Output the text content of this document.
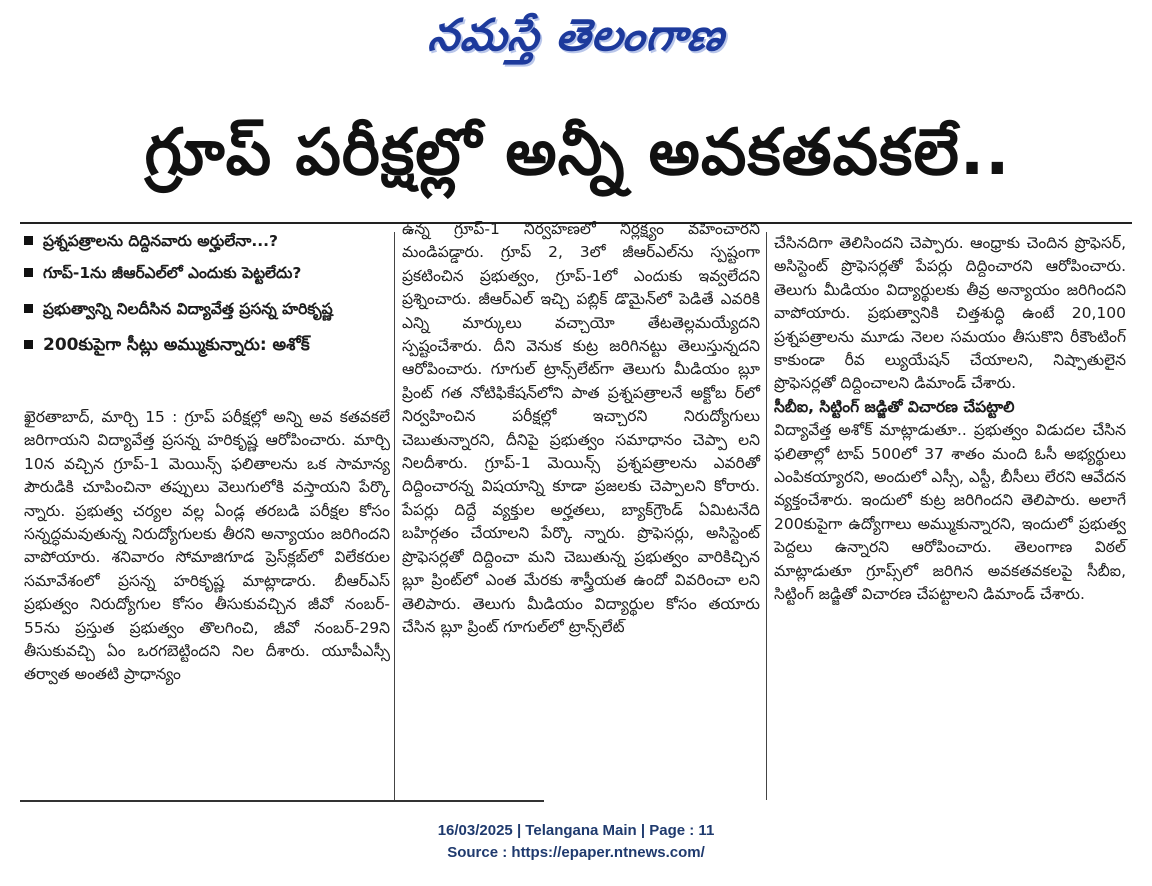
నమస్తే తెలంగాణ
గ్రూప్ పరీక్షల్లో అన్నీ అవకతవకలే..
ప్రశ్నపత్రాలను దిద్దినవారు అర్హులేనా...?
గూప్-1ను జీఆర్ఎల్‌లో ఎందుకు పెట్టలేదు?
ప్రభుత్వాన్ని నిలదీసిన విద్యావేత్త ప్రసన్న హరికృష్ణ
200కుపైగా సీట్లు అమ్ముకున్నారు: అశోక్

ఖైరతాబాద్, మార్చి 15 : గ్రూప్ పరీక్షల్లో అన్ని అవ కతవకలే జరిగాయని విద్యావేత్త ప్రసన్న హరికృష్ణ ఆరోపించారు. మార్చి 10న వచ్చిన గ్రూప్-1 మెయిన్స్ ఫలితాలను ఒక సామాన్య పౌరుడికి చూపించినా తప్పులు వెలుగులోకి వస్తాయని పేర్కొ న్నారు. ప్రభుత్వ చర్యల వల్ల ఏండ్ల తరబడి పరీక్షల కోసం సన్నద్ధమవుతున్న నిరుద్యోగులకు తీరని అన్యాయం జరిగిందని వాపోయారు. శనివారం సోమాజిగూడ ప్రెస్‌క్లబ్‌లో విలేకరుల సమావేశంలో ప్రసన్న హరికృష్ణ మాట్లాడారు. బీఆర్ఎస్ ప్రభుత్వం నిరుద్యోగుల కోసం తీసుకువచ్చిన జీవో నంబర్- 55ను ప్రస్తుత ప్రభుత్వం తొలగించి, జీవో నంబర్-29ని తీసుకువచ్చి ఏం ఒరగబెట్టిందని నిల దీశారు. యూపీఎస్సీ తర్వాత అంతటి ప్రాధాన్యం

ఉన్న గ్రూప్-1 నిర్వహణలో నిర్లక్ష్యం వహించారని మండిపడ్డారు. గ్రూప్ 2, 3లో జీఆర్ఎల్‌ను స్పష్టంగా ప్రకటించిన ప్రభుత్వం, గ్రూప్-1లో ఎందుకు ఇవ్వలేదని ప్రశ్నించారు. జీఆర్ఎల్ ఇచ్చి పబ్లిక్ డొమైన్‌లో పెడితే ఎవరికి ఎన్ని మార్కులు వచ్చాయో తేటతెల్లమయ్యేదని స్పష్టంచేశారు. దీని వెనుక కుట్ర జరిగినట్టు తెలుస్తున్నదని ఆరోపించారు. గూగుల్ ట్రాన్స్‌లేట్‌గా తెలుగు మీడియం బ్లూ ప్రింట్ గత నోటిఫికేషన్‌లోని పాత ప్రశ్నపత్రాలనే అక్టోబ ర్‌లో నిర్వహించిన పరీక్షల్లో ఇచ్చారని నిరుద్యోగులు చెబుతున్నారని, దీనిపై ప్రభుత్వం సమాధానం చెప్పా లని నిలదీశారు. గ్రూప్-1 మెయిన్స్ ప్రశ్నపత్రాలను ఎవరితో దిద్దించారన్న విషయాన్ని కూడా ప్రజలకు చెప్పాలని కోరారు. పేపర్లు దిద్దే వ్యక్తుల అర్హతలు, బ్యాక్‌గ్రౌండ్ ఏమిటనేది బహిర్గతం చేయాలని పేర్కొ న్నారు. ప్రొఫెసర్లు, అసిస్టెంట్ ప్రొఫెసర్లతో దిద్దించా మని చెబుతున్న ప్రభుత్వం వారికిచ్చిన బ్లూ ప్రింట్‌లో ఎంత మేరకు శాస్త్రీయత ఉందో వివరించా లని తెలిపారు. తెలుగు మీడియం విద్యార్థుల కోసం తయారు చేసిన బ్లూ ప్రింట్ గూగుల్‌లో ట్రాన్స్‌లేట్

చేసినదిగా తెలిసిందని చెప్పారు. ఆంధ్రాకు చెందిన ప్రొఫెసర్, అసిస్టెంట్ ప్రొఫెసర్లతో పేపర్లు దిద్దించారని ఆరోపించారు. తెలుగు మీడియం విద్యార్థులకు తీవ్ర అన్యాయం జరిగిందని వాపోయారు. ప్రభుత్వానికి చిత్తశుద్ధి ఉంటే 20,100 ప్రశ్నపత్రాలను మూడు నెలల సమయం తీసుకొని రీకౌంటింగ్ కాకుండా రీవ ల్యుయేషన్ చేయాలని, నిష్పాతులైన ప్రొఫెసర్లతో దిద్దించాలని డిమాండ్ చేశారు.

సీబీఐ, సిట్టింగ్ జడ్జితో విచారణ చేపట్టాలి

విద్యావేత్త అశోక్ మాట్లాడుతూ.. ప్రభుత్వం విడుదల చేసిన ఫలితాల్లో టాప్ 500లో 37 శాతం మంది ఓసీ అభ్యర్థులు ఎంపికయ్యారని, అందులో ఎస్సీ, ఎస్టీ, బీసీలు లేరని ఆవేదన వ్యక్తంచేశారు. ఇందులో కుట్ర జరిగిందని తెలిపారు. అలాగే 200కుపైగా ఉద్యోగాలు అమ్ముకున్నారని, ఇందులో ప్రభుత్వ పెద్దలు ఉన్నారని ఆరోపించారు. తెలంగాణ విఠల్ మాట్లాడుతూ గ్రూప్స్‌లో జరిగిన అవకతవకలపై సీబీఐ, సిట్టింగ్ జడ్జితో విచారణ చేపట్టాలని డిమాండ్ చేశారు.

16/03/2025 | Telangana Main | Page : 11
Source : https://epaper.ntnews.com/
